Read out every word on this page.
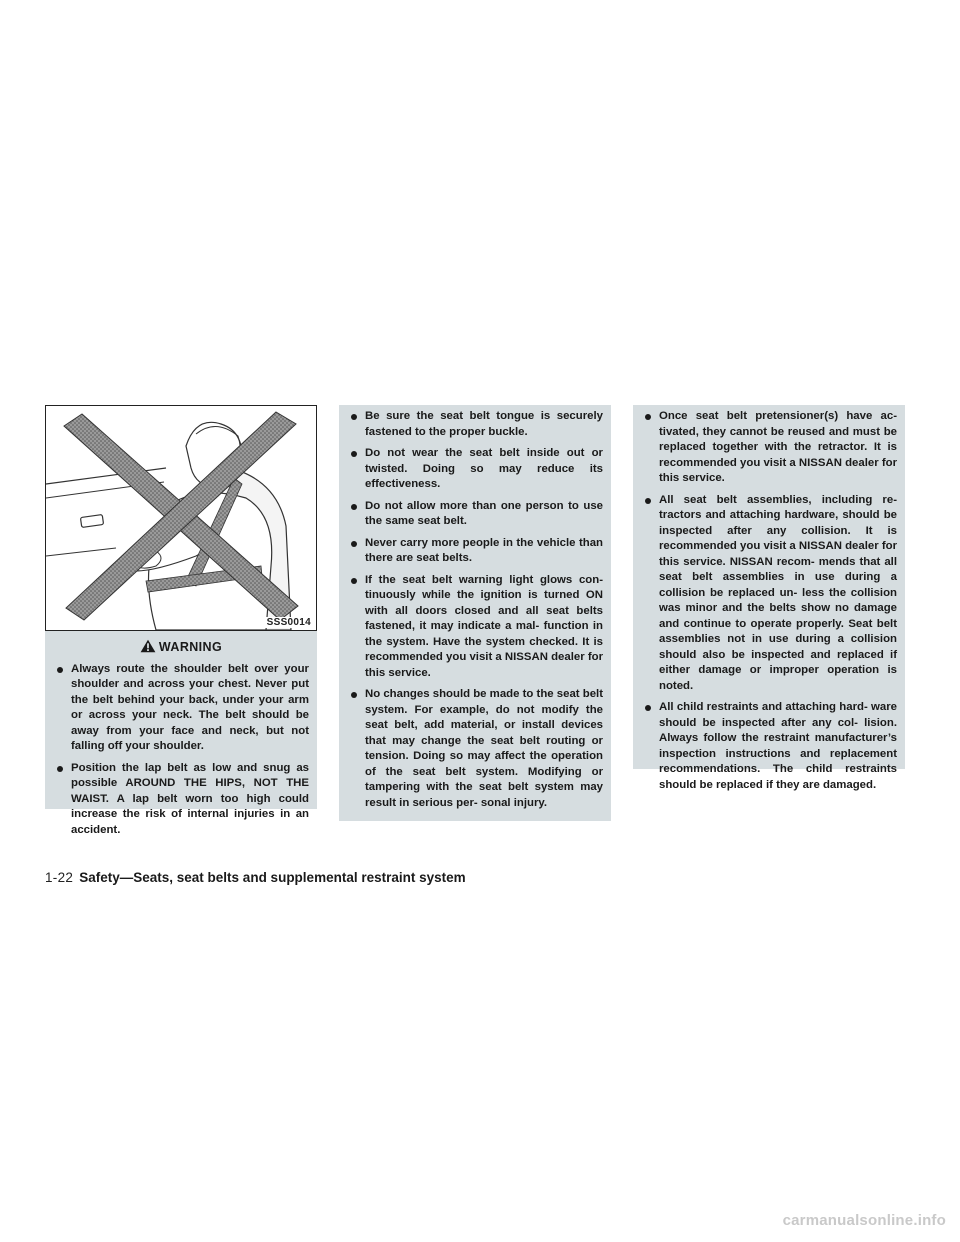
SSS0014
WARNING
Always route the shoulder belt over your shoulder and across your chest. Never put the belt behind your back, under your arm or across your neck. The belt should be away from your face and neck, but not falling off your shoulder.
Position the lap belt as low and snug as possible AROUND THE HIPS, NOT THE WAIST. A lap belt worn too high could increase the risk of internal injuries in an accident.
Be sure the seat belt tongue is securely fastened to the proper buckle.
Do not wear the seat belt inside out or twisted. Doing so may reduce its effectiveness.
Do not allow more than one person to use the same seat belt.
Never carry more people in the vehicle than there are seat belts.
If the seat belt warning light glows con- tinuously while the ignition is turned ON with all doors closed and all seat belts fastened, it may indicate a mal- function in the system. Have the system checked. It is recommended you visit a NISSAN dealer for this service.
No changes should be made to the seat belt system. For example, do not modify the seat belt, add material, or install devices that may change the seat belt routing or tension. Doing so may affect the operation of the seat belt system. Modifying or tampering with the seat belt system may result in serious per- sonal injury.
Once seat belt pretensioner(s) have ac- tivated, they cannot be reused and must be replaced together with the retractor. It is recommended you visit a NISSAN dealer for this service.
All seat belt assemblies, including re- tractors and attaching hardware, should be inspected after any collision. It is recommended you visit a NISSAN dealer for this service. NISSAN recom- mends that all seat belt assemblies in use during a collision be replaced un- less the collision was minor and the belts show no damage and continue to operate properly. Seat belt assemblies not in use during a collision should also be inspected and replaced if either damage or improper operation is noted.
All child restraints and attaching hard- ware should be inspected after any col- lision. Always follow the restraint manufacturer’s inspection instructions and replacement recommendations. The child restraints should be replaced if they are damaged.
1-22 Safety—Seats, seat belts and supplemental restraint system
carmanualsonline.info
